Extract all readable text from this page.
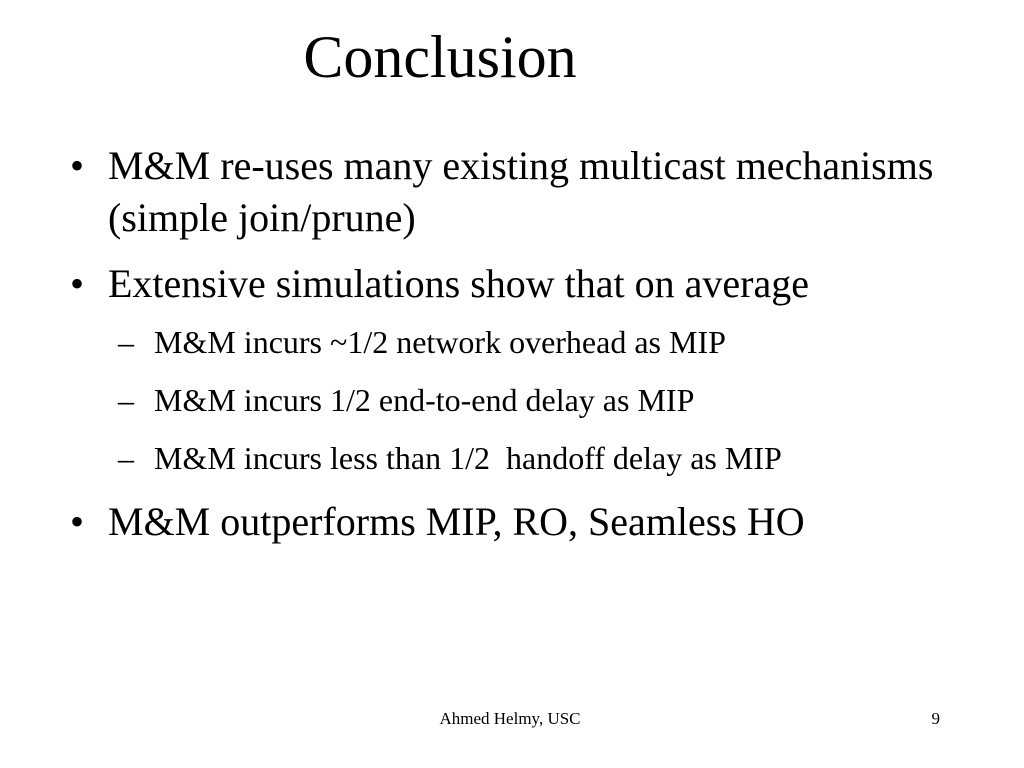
Conclusion
• M&M re-uses many existing multicast mechanisms (simple join/prune)
• Extensive simulations show that on average
– M&M incurs ~1/2 network overhead as MIP
– M&M incurs 1/2 end-to-end delay as MIP
– M&M incurs less than 1/2  handoff delay as MIP
• M&M outperforms MIP, RO, Seamless HO
Ahmed Helmy, USC	9
